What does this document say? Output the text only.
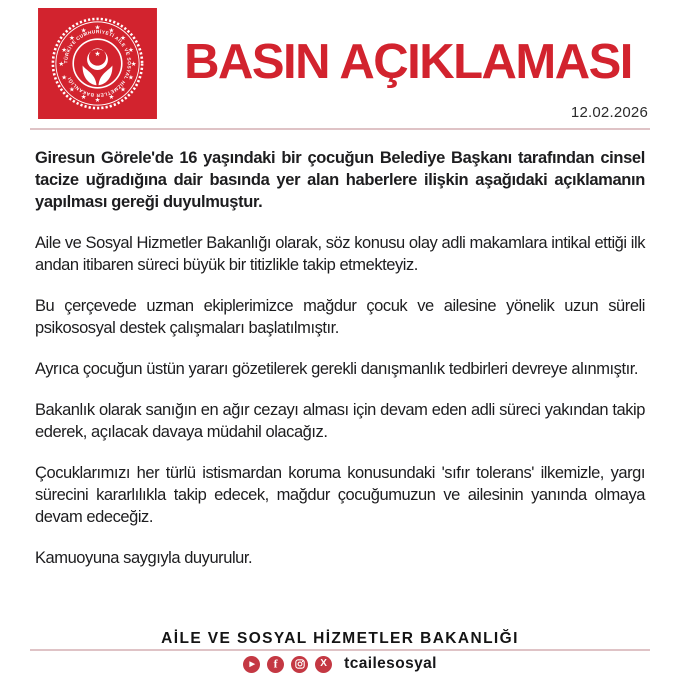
★ ★
★
★
★
★
★
★
★
★
★
★
★
★
★
★
TÜRKİYE CUMHURİYETİ AİLE VE SOSYAL HİZMETLER BAKANLIĞI
★ BASIN AÇIKLAMASI
12.02.2026

Giresun Görele'de 16 yaşındaki bir çocuğun Belediye Başkanı tarafından cinsel tacize uğradığına dair basında yer alan haberlere ilişkin aşağıdaki açıklamanın yapılması gereği duyulmuştur.

Aile ve Sosyal Hizmetler Bakanlığı olarak, söz konusu olay adli makamlara intikal ettiği ilk andan itibaren süreci büyük bir titizlikle takip etmekteyiz.

Bu çerçevede uzman ekiplerimizce mağdur çocuk ve ailesine yönelik uzun süreli psikososyal destek çalışmaları başlatılmıştır.

Ayrıca çocuğun üstün yararı gözetilerek gerekli danışmanlık tedbirleri devreye alınmıştır.

Bakanlık olarak sanığın en ağır cezayı alması için devam eden adli süreci yakından takip ederek, açılacak davaya müdahil olacağız.

Çocuklarımızı her türlü istismardan koruma konusundaki 'sıfır tolerans' ilkemizle, yargı sürecini kararlılıkla takip edecek, mağdur çocuğumuzun ve ailesinin yanında olmaya devam edeceğiz.

Kamuoyuna saygıyla duyurulur.

AİLE VE SOSYAL HİZMETLER BAKANLIĞI
▶ f	X tcailesosyal
